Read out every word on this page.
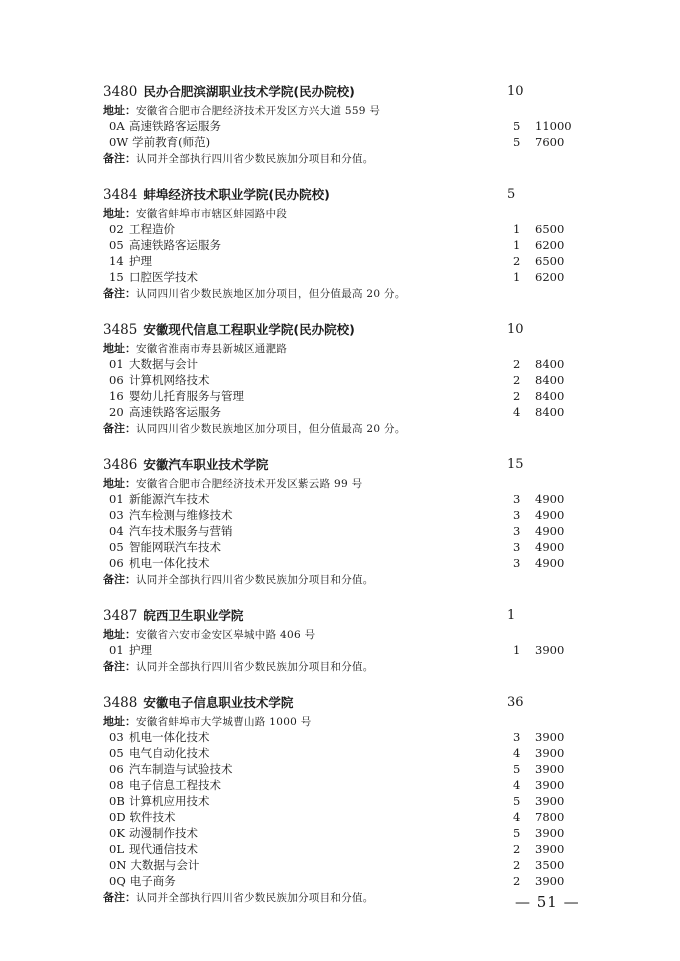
3480 民办合肥滨湖职业技术学院(民办院校)	10
地址：安徽省合肥市合肥经济技术开发区方兴大道 559 号
0A 高速铁路客运服务	5 11000
0W 学前教育(师范)	5 7600
备注：认同并全部执行四川省少数民族加分项目和分值。
3484 蚌埠经济技术职业学院(民办院校)	5
地址：安徽省蚌埠市市辖区蚌园路中段
02 工程造价	1 6500
05 高速铁路客运服务	1 6200
14 护理	2 6500
15 口腔医学技术	1 6200
备注：认同四川省少数民族地区加分项目，但分值最高 20 分。
3485 安徽现代信息工程职业学院(民办院校)	10
地址：安徽省淮南市寿县新城区通淝路
01 大数据与会计	2 8400
06 计算机网络技术	2 8400
16 婴幼儿托育服务与管理	2 8400
20 高速铁路客运服务	4 8400
备注：认同四川省少数民族地区加分项目，但分值最高 20 分。
3486 安徽汽车职业技术学院	15
地址：安徽省合肥市合肥经济技术开发区紫云路 99 号
01 新能源汽车技术	3 4900
03 汽车检测与维修技术	3 4900
04 汽车技术服务与营销	3 4900
05 智能网联汽车技术	3 4900
06 机电一体化技术	3 4900
备注：认同并全部执行四川省少数民族加分项目和分值。
3487 皖西卫生职业学院	1
地址：安徽省六安市金安区皋城中路 406 号
01 护理	1 3900
备注：认同并全部执行四川省少数民族加分项目和分值。
3488 安徽电子信息职业技术学院	36
地址：安徽省蚌埠市大学城曹山路 1000 号
03 机电一体化技术	3 3900
05 电气自动化技术	4 3900
06 汽车制造与试验技术	5 3900
08 电子信息工程技术	4 3900
0B 计算机应用技术	5 3900
0D 软件技术	4 7800
0K 动漫制作技术	5 3900
0L 现代通信技术	2 3900
0N 大数据与会计	2 3500
0Q 电子商务	2 3900
备注：认同并全部执行四川省少数民族加分项目和分值。	— 51 —
